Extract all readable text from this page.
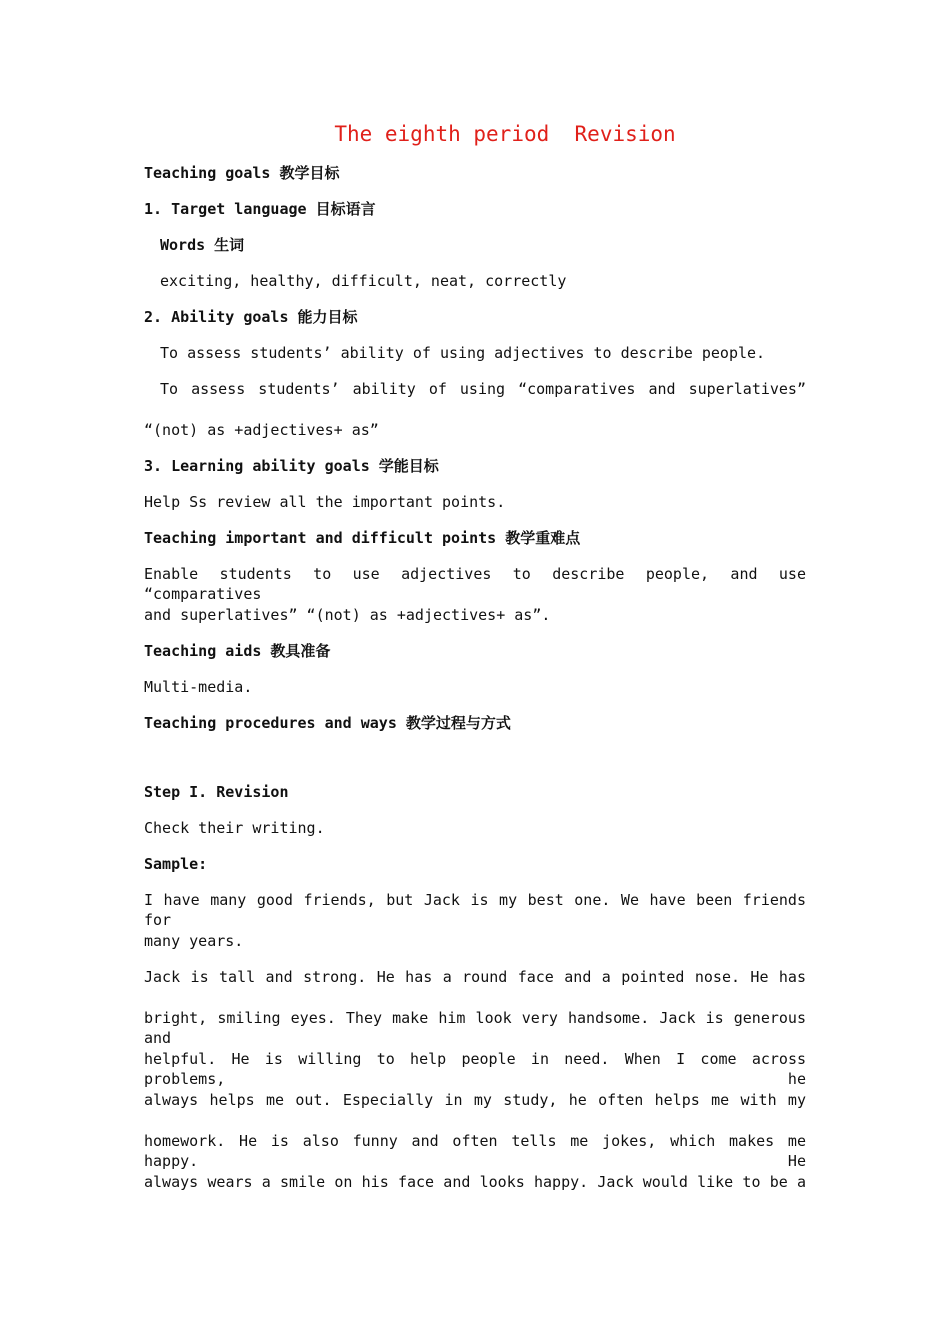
The eighth period  Revision

Teaching goals 教学目标

1. Target language 目标语言

Words 生词

exciting, healthy, difficult, neat, correctly

2. Ability goals 能力目标

To assess students’ ability of using adjectives to describe people.

To assess students’ ability of using “comparatives and superlatives”

“(not) as +adjectives+ as”

3. Learning ability goals 学能目标

Help Ss review all the important points.

Teaching important and difficult points 教学重难点

Enable students to use adjectives to describe people, and use “comparatives

and superlatives” “(not) as +adjectives+ as”.

Teaching aids 教具准备

Multi-media.

Teaching procedures and ways 教学过程与方式

Step I. Revision

Check their writing.

Sample:

I have many good friends, but Jack is my best one. We have been friends for

many years.

Jack is tall and strong. He has a round face and a pointed nose. He has

bright, smiling eyes. They make him look very handsome. Jack is generous and

helpful. He is willing to help people in need. When I come across problems, he

always helps me out. Especially in my study, he often helps me with my

homework. He is also funny and often tells me jokes, which makes me happy. He

always wears a smile on his face and looks happy. Jack would like to be a
